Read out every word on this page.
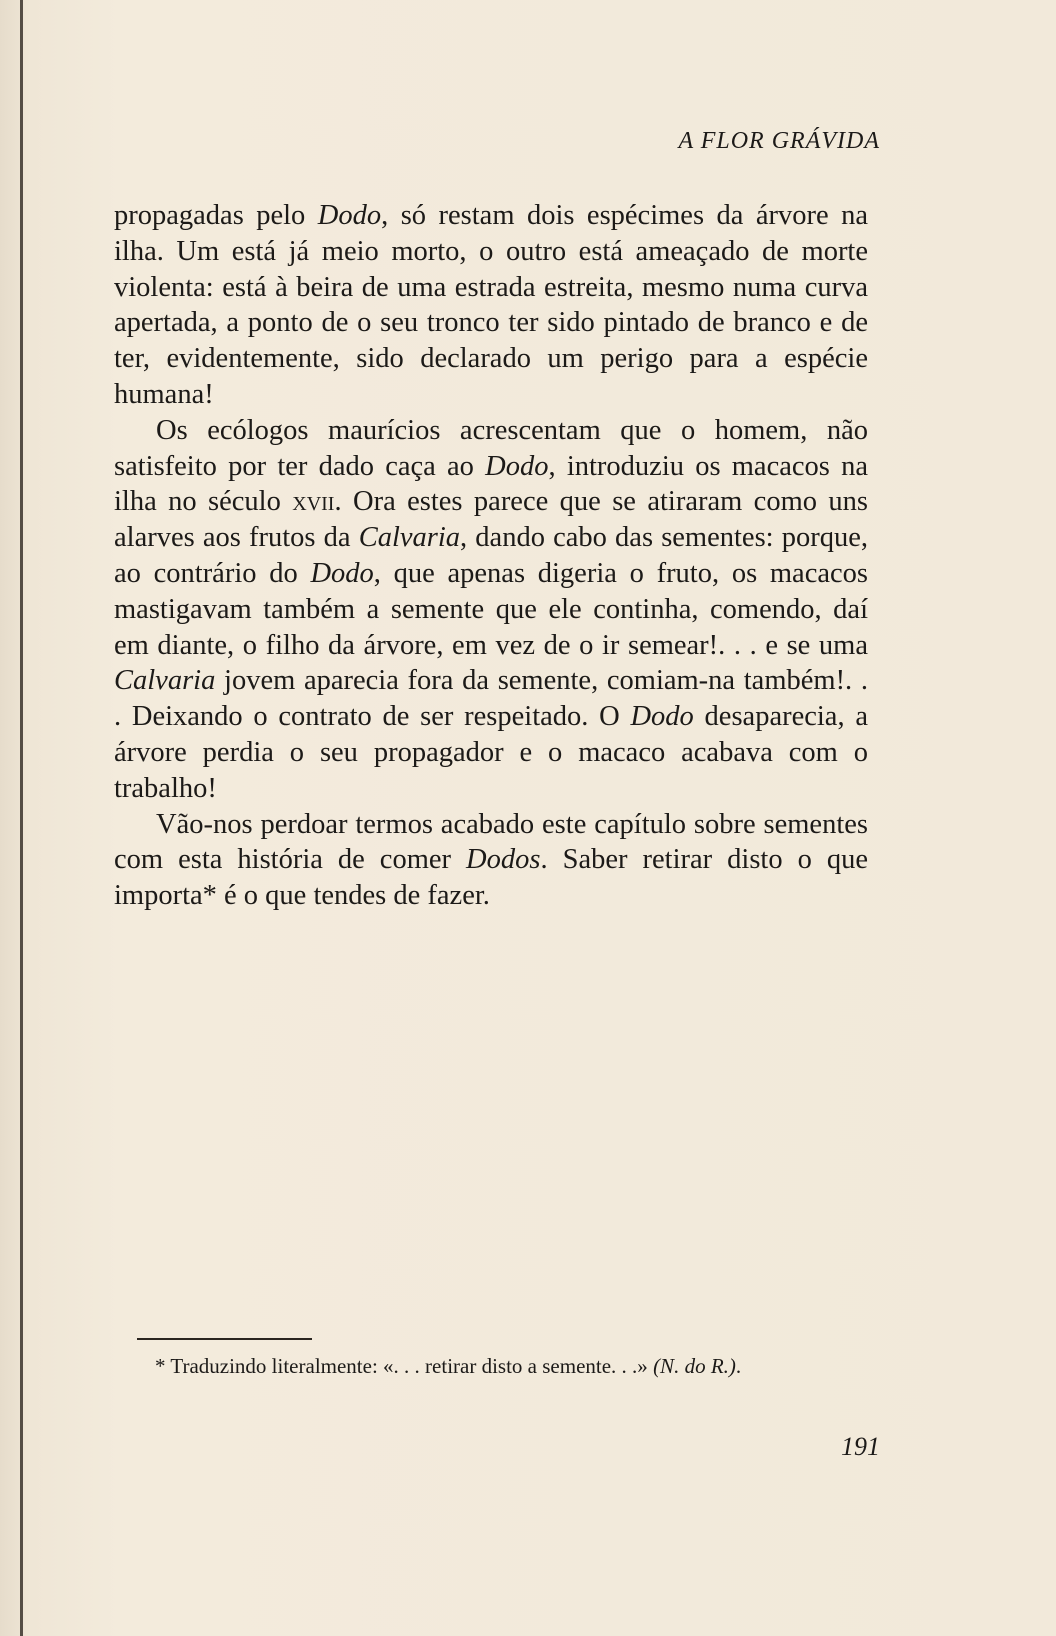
A FLOR GRÁVIDA

propagadas pelo Dodo, só restam dois espécimes da árvore na ilha. Um está já meio morto, o outro está ameaçado de morte violenta: está à beira de uma estrada estreita, mesmo numa curva apertada, a ponto de o seu tronco ter sido pintado de branco e de ter, evidentemente, sido declarado um perigo para a espécie humana!

Os ecólogos maurícios acrescentam que o homem, não satisfeito por ter dado caça ao Dodo, introduziu os macacos na ilha no século xvii. Ora estes parece que se atiraram como uns alarves aos frutos da Calvaria, dando cabo das sementes: porque, ao contrário do Dodo, que apenas digeria o fruto, os macacos mastigavam também a semente que ele continha, comendo, daí em diante, o filho da árvore, em vez de o ir semear!. . . e se uma Calvaria jovem aparecia fora da semente, comiam-na também!. . . Deixando o contrato de ser respeitado. O Dodo desaparecia, a árvore perdia o seu propagador e o macaco acabava com o trabalho!

Vão-nos perdoar termos acabado este capítulo sobre sementes com esta história de comer Dodos. Saber retirar disto o que importa* é o que tendes de fazer.

* Traduzindo literalmente: «. . . retirar disto a semente. . .» (N. do R.).
191
